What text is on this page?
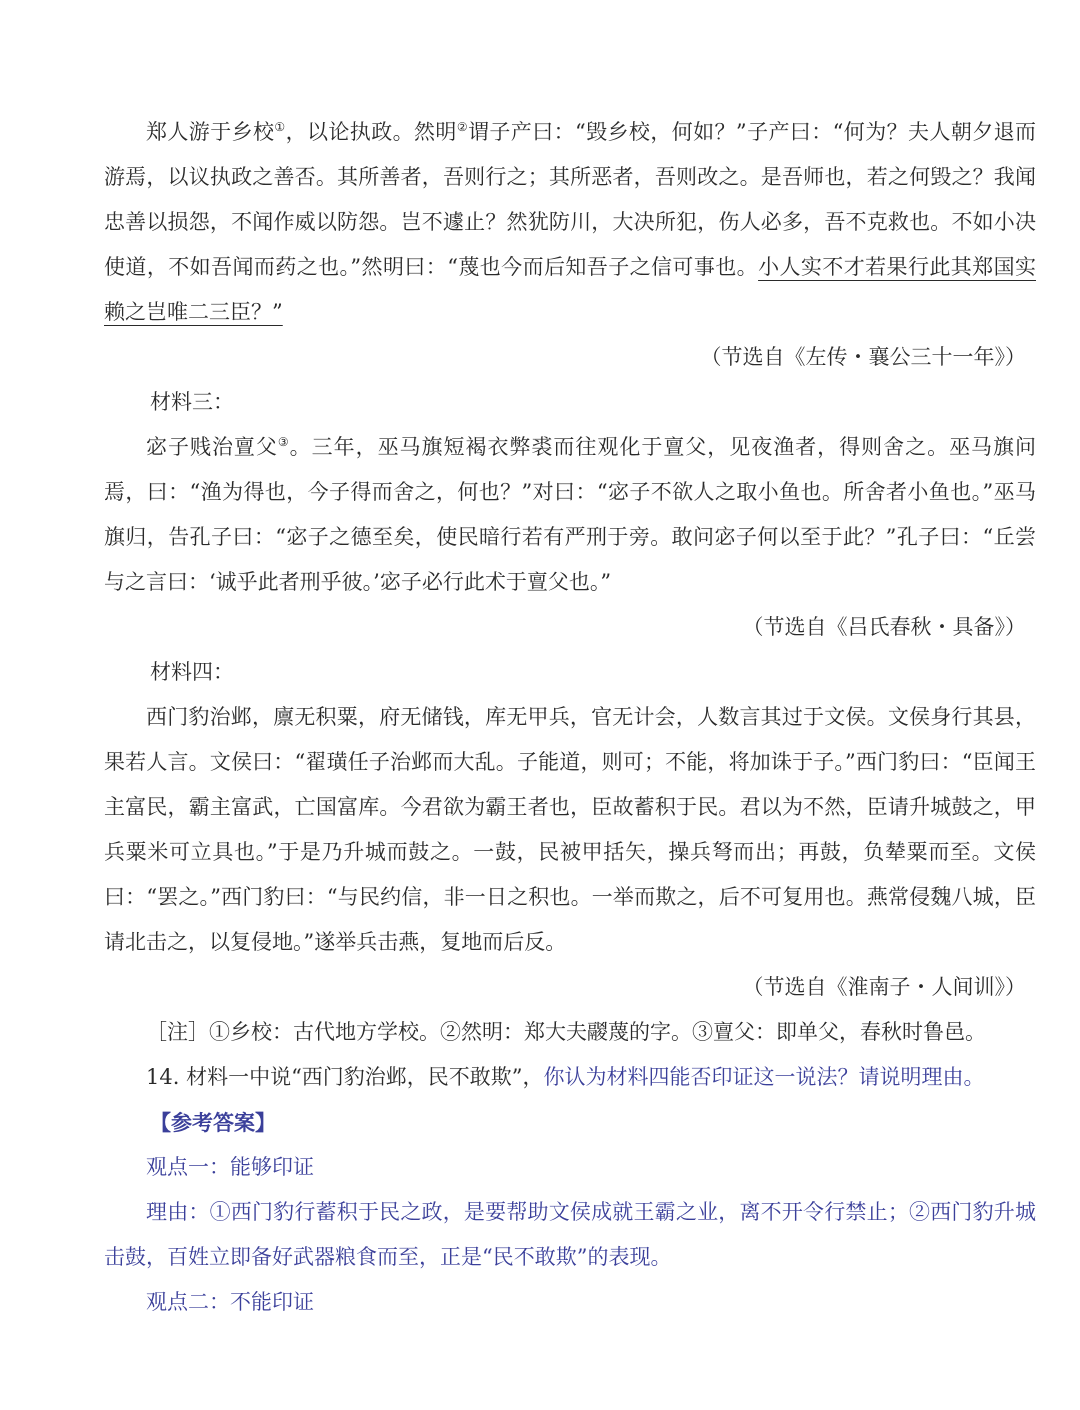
郑人游于乡校①，以论执政。然明②谓子产曰：“毁乡校，何如？”子产曰：“何为？夫人朝夕退而游焉，以议执政之善否。其所善者，吾则行之；其所恶者，吾则改之。是吾师也，若之何毁之？我闻忠善以损怨，不闻作威以防怨。岂不遽止？然犹防川，大决所犯，伤人必多，吾不克救也。不如小决使道，不如吾闻而药之也。”然明曰：“蔑也今而后知吾子之信可事也。小人实不才若果行此其郑国实赖之岂唯二三臣？”

（节选自《左传・襄公三十一年》）

材料三：

宓子贱治亶父③。三年，巫马旗短褐衣弊裘而往观化于亶父，见夜渔者，得则舍之。巫马旗问焉，曰：“渔为得也，今子得而舍之，何也？”对曰：“宓子不欲人之取小鱼也。所舍者小鱼也。”巫马旗归，告孔子曰：“宓子之德至矣，使民暗行若有严刑于旁。敢问宓子何以至于此？”孔子曰：“丘尝与之言曰：‘诚乎此者刑乎彼。’宓子必行此术于亶父也。”

（节选自《吕氏春秋・具备》）

材料四：

西门豹治邺，廪无积粟，府无储钱，库无甲兵，官无计会，人数言其过于文侯。文侯身行其县，果若人言。文侯曰：“翟璜任子治邺而大乱。子能道，则可；不能，将加诛于子。”西门豹曰：“臣闻王主富民，霸主富武，亡国富库。今君欲为霸王者也，臣故蓄积于民。君以为不然，臣请升城鼓之，甲兵粟米可立具也。”于是乃升城而鼓之。一鼓，民被甲括矢，操兵弩而出；再鼓，负辇粟而至。文侯曰：“罢之。”西门豹曰：“与民约信，非一日之积也。一举而欺之，后不可复用也。燕常侵魏八城，臣请北击之，以复侵地。”遂举兵击燕，复地而后反。

（节选自《淮南子・人间训》）

［注］①乡校：古代地方学校。②然明：郑大夫鬷蔑的字。③亶父：即单父，春秋时鲁邑。

14. 材料一中说“西门豹治邺，民不敢欺”，你认为材料四能否印证这一说法？请说明理由。

【参考答案】

观点一：能够印证

理由：①西门豹行蓄积于民之政，是要帮助文侯成就王霸之业，离不开令行禁止；②西门豹升城击鼓，百姓立即备好武器粮食而至，正是“民不敢欺”的表现。

观点二：不能印证
